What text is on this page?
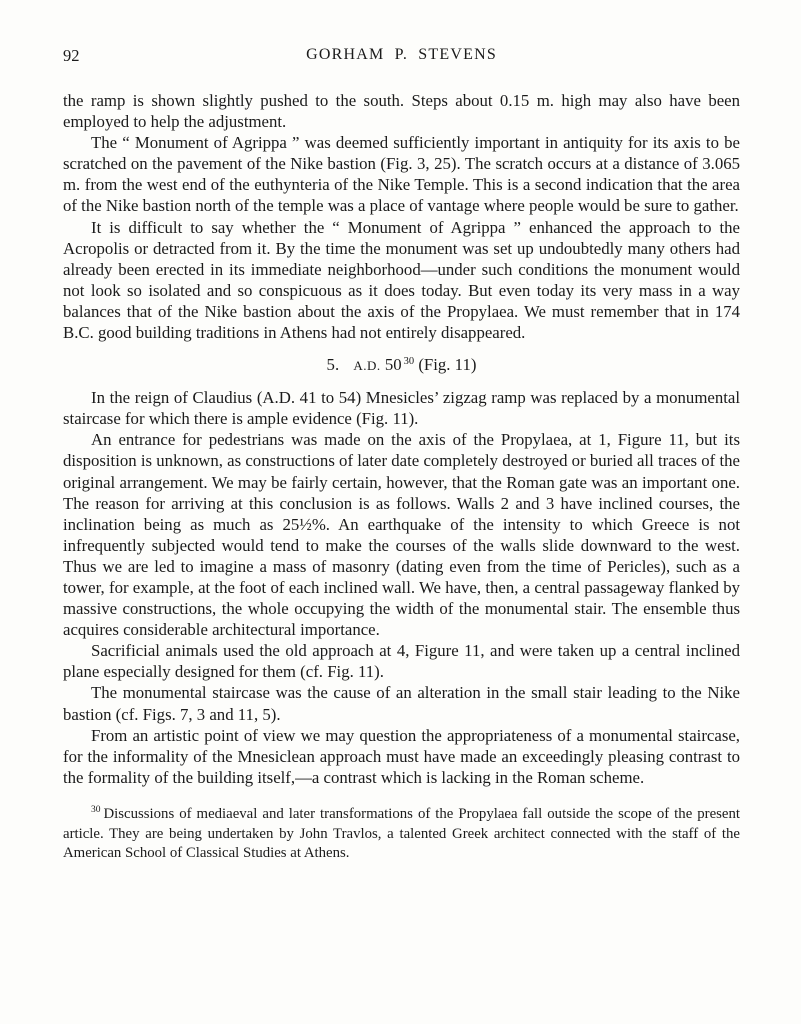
92	GORHAM P. STEVENS

the ramp is shown slightly pushed to the south. Steps about 0.15 m. high may also have been employed to help the adjustment.

The “ Monument of Agrippa ” was deemed sufficiently important in antiquity for its axis to be scratched on the pavement of the Nike bastion (Fig. 3, 25). The scratch occurs at a distance of 3.065 m. from the west end of the euthynteria of the Nike Temple. This is a second indication that the area of the Nike bastion north of the temple was a place of vantage where people would be sure to gather.

It is difficult to say whether the “ Monument of Agrippa ” enhanced the approach to the Acropolis or detracted from it. By the time the monument was set up undoubtedly many others had already been erected in its immediate neighborhood—under such conditions the monument would not look so isolated and so conspicuous as it does today. But even today its very mass in a way balances that of the Nike bastion about the axis of the Propylaea. We must remember that in 174 B.C. good building traditions in Athens had not entirely disappeared.

5. A.D. 50 $^{30}$ (Fig. 11)

In the reign of Claudius (A.D. 41 to 54) Mnesicles’ zigzag ramp was replaced by a monumental staircase for which there is ample evidence (Fig. 11).

An entrance for pedestrians was made on the axis of the Propylaea, at 1, Figure 11, but its disposition is unknown, as constructions of later date completely destroyed or buried all traces of the original arrangement. We may be fairly certain, however, that the Roman gate was an important one. The reason for arriving at this conclusion is as follows. Walls 2 and 3 have inclined courses, the inclination being as much as 25½%. An earthquake of the intensity to which Greece is not infrequently subjected would tend to make the courses of the walls slide downward to the west. Thus we are led to imagine a mass of masonry (dating even from the time of Pericles), such as a tower, for example, at the foot of each inclined wall. We have, then, a central passageway flanked by massive constructions, the whole occupying the width of the monumental stair. The ensemble thus acquires considerable architectural importance.

Sacrificial animals used the old approach at 4, Figure 11, and were taken up a central inclined plane especially designed for them (cf. Fig. 11).

The monumental staircase was the cause of an alteration in the small stair leading to the Nike bastion (cf. Figs. 7, 3 and 11, 5).

From an artistic point of view we may question the appropriateness of a monumental staircase, for the informality of the Mnesiclean approach must have made an exceedingly pleasing contrast to the formality of the building itself,—a contrast which is lacking in the Roman scheme.

$^{30}$ Discussions of mediaeval and later transformations of the Propylaea fall outside the scope of the present article. They are being undertaken by John Travlos, a talented Greek architect connected with the staff of the American School of Classical Studies at Athens.
